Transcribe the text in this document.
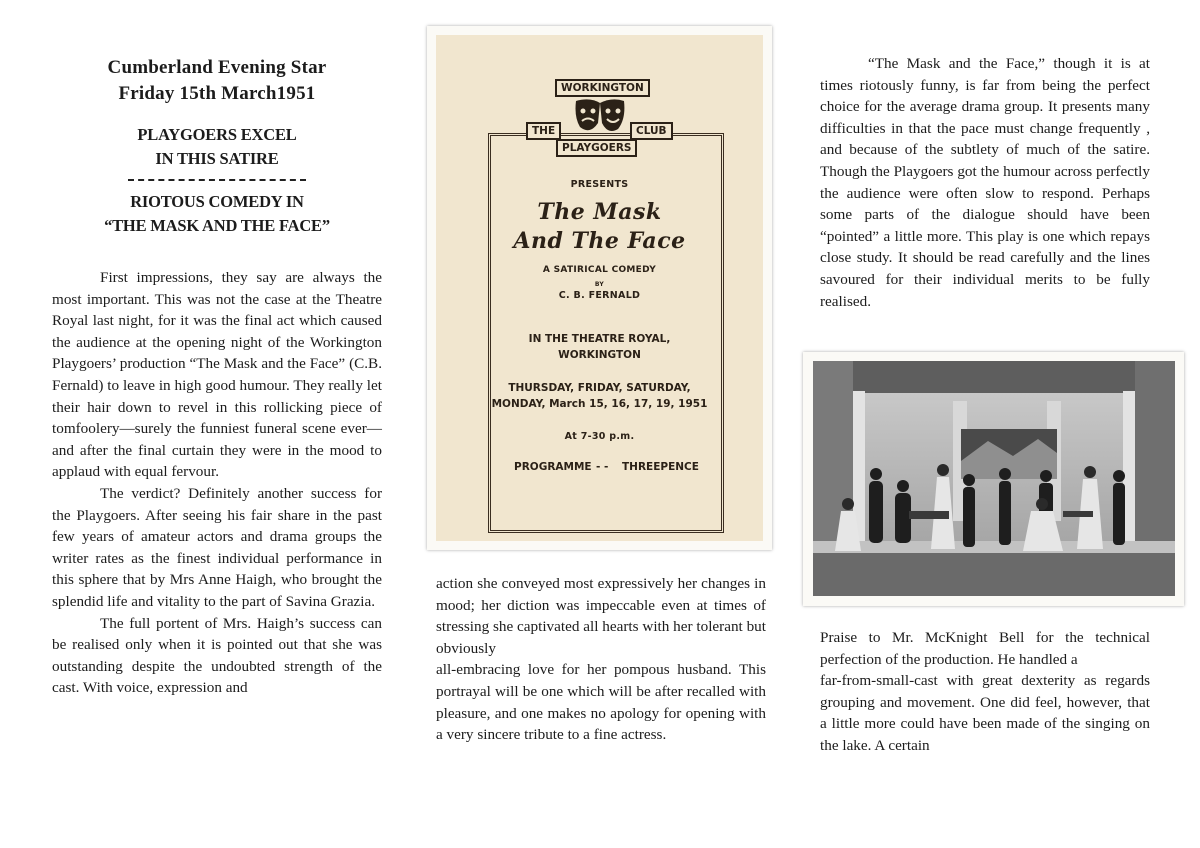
Cumberland Evening Star
Friday 15th March1951
PLAYGOERS EXCEL
IN THIS SATIRE
RIOTOUS COMEDY IN
“THE MASK AND THE FACE”

First impressions, they say are always the most important. This was not the case at the Theatre Royal last night, for it was the final act which caused the audience at the opening night of the Workington Playgoers’ production “The Mask and the Face” (C.B. Fernald) to leave in high good humour. They really let their hair down to revel in this rollicking piece of tomfoolery—surely the funniest funeral scene ever—and after the final curtain they were in the mood to applaud with equal fervour.

The verdict? Definitely another success for the Playgoers. After seeing his fair share in the past few years of amateur actors and drama groups the writer rates as the finest individual performance in this sphere that by Mrs Anne Haigh, who brought the splendid life and vitality to the part of Savina Grazia.

The full portent of Mrs. Haigh’s success can be realised only when it is pointed out that she was outstanding despite the undoubted strength of the cast. With voice, expression and

WORKINGTON
THE	CLUB
PLAYGOERS
PRESENTS
The Mask
And The Face
A SATIRICAL COMEDY
BY
C. B. FERNALD
IN THE THEATRE ROYAL,
WORKINGTON
THURSDAY, FRIDAY, SATURDAY,
MONDAY, March 15, 16, 17, 19, 1951
At 7-30 p.m.
PROGRAMME - - THREEPENCE

action she conveyed most expressively her changes in mood; her diction was impeccable even at times of stressing she captivated all hearts with her tolerant but obviously

all-embracing love for her pompous husband. This portrayal will be one which will be after recalled with pleasure, and one makes no apology for opening with a very sincere tribute to a fine actress.

“The Mask and the Face,” though it is at times riotously funny, is far from being the perfect choice for the average drama group. It presents many difficulties in that the pace must change frequently , and because of the subtlety of much of the satire. Though the Playgoers got the humour across perfectly the audience were often slow to respond. Perhaps some parts of the dialogue should have been “pointed” a little more. This play is one which repays close study. It should be read carefully and the lines savoured for their individual merits to be fully realised.

Praise to Mr. McKnight Bell for the technical perfection of the production. He handled a

far-from-small-cast with great dexterity as regards grouping and movement. One did feel, however, that a little more could have been made of the singing on the lake. A certain
